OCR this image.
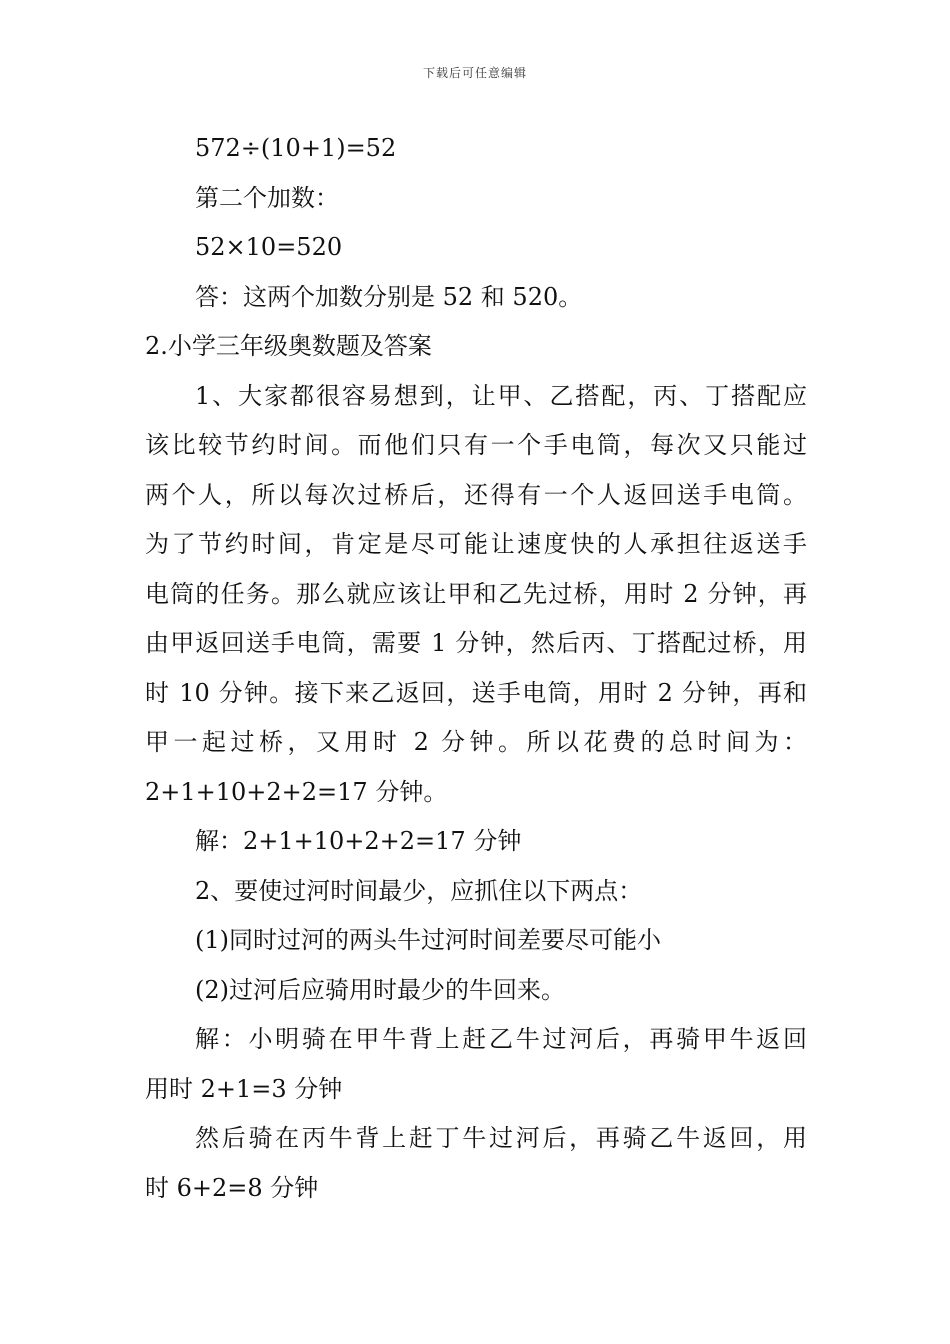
下载后可任意编辑
572÷(10+1)=52
第二个加数：
52×10=520
答：这两个加数分别是 52 和 520。
2.小学三年级奥数题及答案
1、大家都很容易想到，让甲、乙搭配，丙、丁搭配应
该比较节约时间。而他们只有一个手电筒，每次又只能过
两个人，所以每次过桥后，还得有一个人返回送手电筒。
为了节约时间，肯定是尽可能让速度快的人承担往返送手
电筒的任务。那么就应该让甲和乙先过桥，用时 2 分钟，再
由甲返回送手电筒，需要 1 分钟，然后丙、丁搭配过桥，用
时 10 分钟。接下来乙返回，送手电筒，用时 2 分钟，再和
甲一起过桥，又用时 2 分钟。所以花费的总时间为：
2+1+10+2+2=17 分钟。
解：2+1+10+2+2=17 分钟
2、要使过河时间最少，应抓住以下两点：
(1)同时过河的两头牛过河时间差要尽可能小
(2)过河后应骑用时最少的牛回来。
解：小明骑在甲牛背上赶乙牛过河后，再骑甲牛返回
用时 2+1=3 分钟
然后骑在丙牛背上赶丁牛过河后，再骑乙牛返回，用
时 6+2=8 分钟
